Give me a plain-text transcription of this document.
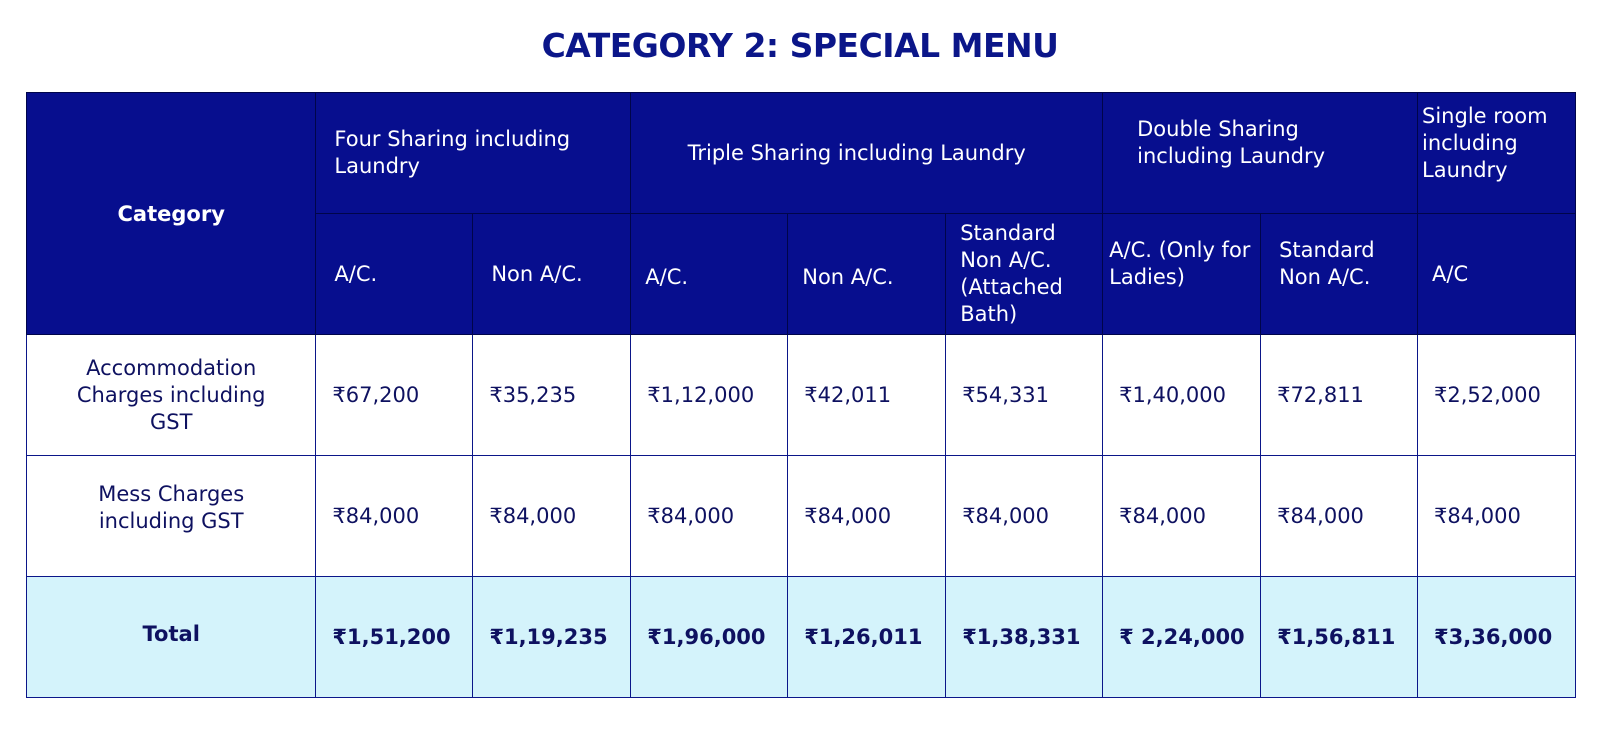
CATEGORY 2: SPECIAL MENU
Category	Four Sharing including Laundry		Triple Sharing including Laundry			Double Sharing including Laundry		Single room including Laundry

	A/C.	Non A/C.	A/C.	Non A/C.	Standard Non A/C. (Attached Bath)	A/C. (Only for Ladies)	Standard Non A/C.	A/C

Accommodation Charges including GST	₹67,200	₹35,235	₹1,12,000	₹42,011	₹54,331	₹1,40,000	₹72,811	₹2,52,000

Mess Charges including GST	₹84,000	₹84,000	₹84,000	₹84,000	₹84,000	₹84,000	₹84,000	₹84,000

Total	₹1,51,200	₹1,19,235	₹1,96,000	₹1,26,011	₹1,38,331	₹ 2,24,000	₹1,56,811	₹3,36,000
